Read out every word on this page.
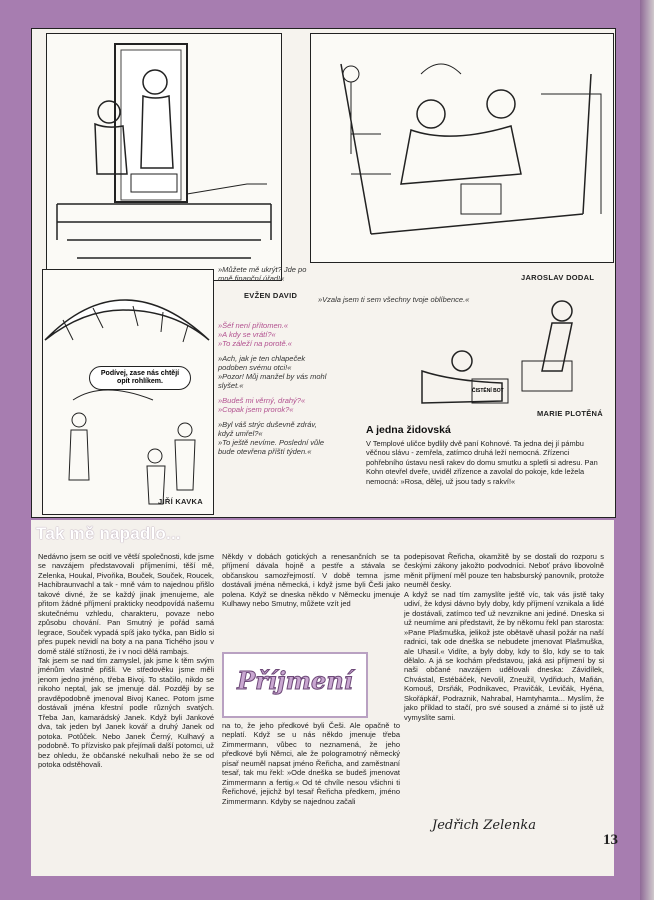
Podívej, zase nás chtějí opít rohlíkem.
ČISTĚNÍ BOT
»Můžete mě ukrýt? Jde po mně finanční úřad!«
EVŽEN DAVID
JAROSLAV DODAL
»Vzala jsem ti sem všechny tvoje oblíbence.«
JIŘÍ KAVKA
MARIE PLOTĚNÁ
»Šéf není přítomen.«
»A kdy se vrátí?«
»To záleží na porotě.«
»Ach, jak je ten chlapeček podoben svému otci!«
»Pozor! Můj manžel by vás mohl slyšet.«
»Budeš mi věrný, drahý?«
»Copak jsem prorok?«
»Byl váš strýc duševně zdráv, když umřel?«
»To ještě nevíme. Poslední vůle bude otevřena příští týden.«
A jedna židovská
V Templové uličce bydlily dvě paní Kohnové. Ta jedna dej jí pámbu věčnou slávu - zemřela, zatímco druhá leží nemocná. Zřízenci pohřebního ústavu nesli rakev do domu smutku a spletli si adresu. Pan Kohn otevřel dveře, uviděl zřízence a zavolal do pokoje, kde ležela nemocná: »Rosa, dělej, už jsou tady s rakví!«
Tak mě napadlo...
Nedávno jsem se ocitl ve větší společnosti, kde jsme se navzájem představovali příjmeními, těší mě, Zelenka, Houkal, Pivoňka, Bouček, Souček, Roucek, Hachibraunvachl a tak - mně vám to najednou přišlo takové divné, že se každý jinak jmenujeme, ale přitom žádné příjmení prakticky neodpovídá našemu skutečnému vzhledu, charakteru, povaze nebo způsobu chování. Pan Smutný je pořád samá legrace, Souček vypadá spíš jako tyčka, pan Bidlo si přes pupek nevidí na boty a na pana Tichého jsou v domě stálé stížnosti, že i v noci dělá rambajs.
Tak jsem se nad tím zamyslel, jak jsme k těm svým jménům vlastně přišli. Ve středověku jsme měli jenom jedno jméno, třeba Bivoj. To stačilo, nikdo se nikoho neptal, jak se jmenuje dál. Později by se pravděpodobně jmenoval Bivoj Kanec. Potom jsme dostávali jména křestní podle různých svatých. Třeba Jan, kamarádský Janek. Když byli Jankové dva, tak jeden byl Janek kovář a druhý Janek od potoka. Potůček. Nebo Janek Černý, Kulhavý a podobně. To přízvisko pak přejímali další potomci, už bez ohledu, že občanské nekulhali nebo že se od potoka odstěhovali.
Někdy v dobách gotických a renesančních se ta příjmení dávala hojně a pestře a stávala se občanskou samozřejmostí. V době temna jsme dostávali jména německá, i když jsme byli Češi jako polena. Když se dneska někdo v Německu jmenuje Kulhawy nebo Smutny, můžete vzít jed
Příjmení
na to, že jeho předkové byli Češi. Ale opačně to neplatí. Když se u nás někdo jmenuje třeba Zimmermann, vůbec to neznamená, že jeho předkové byli Němci, ale že pologramotný německý písař neuměl napsat jméno Řeřicha, and zaměstnaní tesař, tak mu řekl: »Ode dneška se budeš jmenovat Zimmermann a fertig.« Od té chvíle nesou všichni ti Řeřichové, jejichž byl tesař Řeřicha předkem, jméno Zimmermann. Kdyby se najednou začali
podepisovat Řeřicha, okamžitě by se dostali do rozporu s českými zákony jakožto podvodníci. Neboť právo libovolně měnit příjmení měl pouze ten habsburský panovník, protože neuměl česky.
A když se nad tím zamyslíte ještě víc, tak vás jistě taky udiví, že kdysi dávno byly doby, kdy příjmení vznikala a lidé je dostávali, zatímco teď už nevznikne ani jediné. Dneska si už neumíme ani představit, že by někomu řekl pan starosta: »Pane Plašmuška, jelikož jste obětavě uhasil požár na naší radnici, tak ode dneška se nebudete jmenovat Plašmuška, ale Uhasil.« Vidíte, a byly doby, kdy to šlo, kdy se to tak dělalo. A já se kochám představou, jaká asi příjmení by si naši občané navzájem udělovali dneska: Závidílek, Chvástal, Estébáček, Nevolil, Zneužil, Vydřiduch, Mafián, Komouš, Drsňák, Podnikavec, Pravičák, Levičák, Hyéna, Skořápkář, Podraznik, Nahrabal, Hamtyhamta... Myslím, že jako příklad to stačí, pro své soused a známé si to jistě už vymyslíte sami.
Jedřich Zelenka
13
